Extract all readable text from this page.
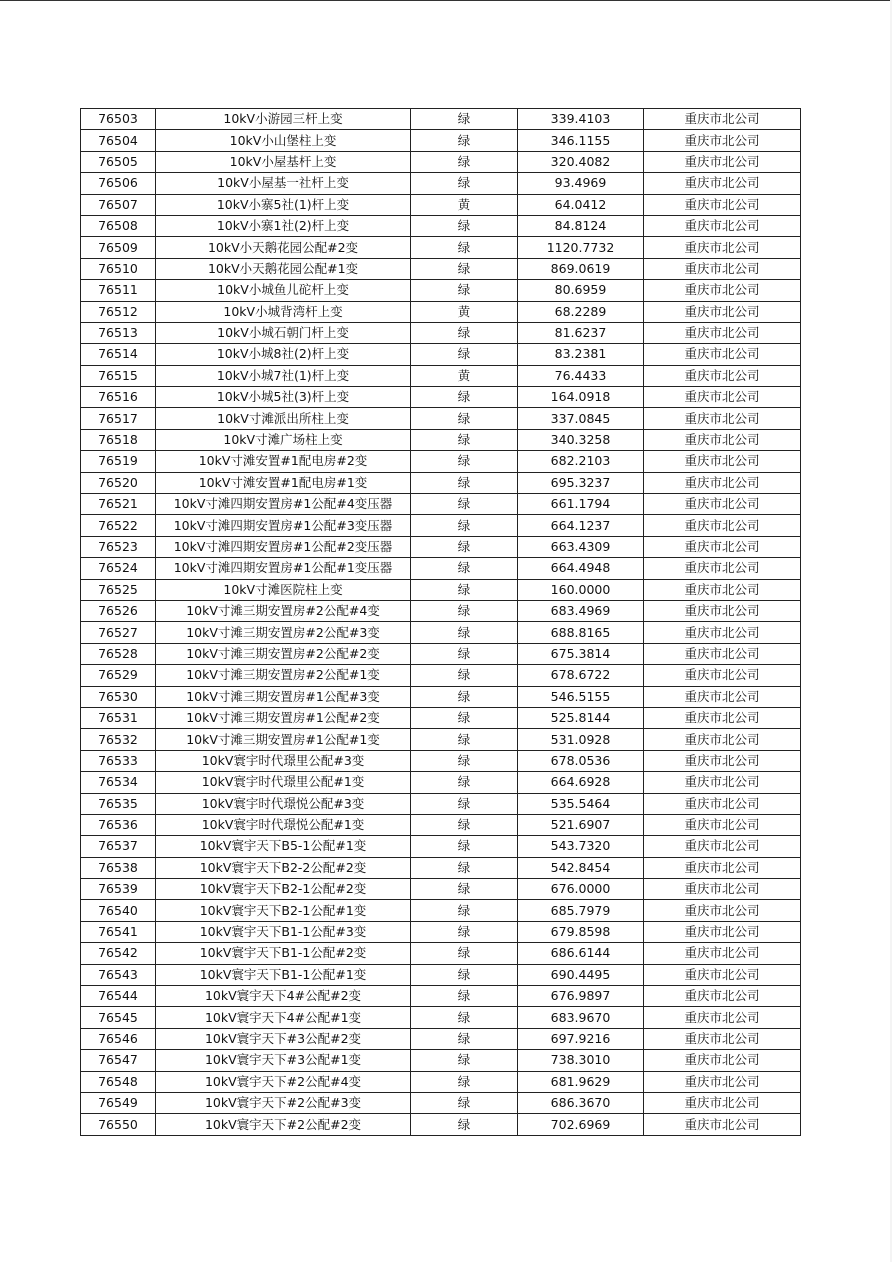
76503	10kV小游园三杆上变	绿	339.4103	重庆市北公司
76504	10kV小山堡柱上变	绿	346.1155	重庆市北公司
76505	10kV小屋基杆上变	绿	320.4082	重庆市北公司
76506	10kV小屋基一社杆上变	绿	93.4969	重庆市北公司
76507	10kV小寨5社(1)杆上变	黄	64.0412	重庆市北公司
76508	10kV小寨1社(2)杆上变	绿	84.8124	重庆市北公司
76509	10kV小天鹅花园公配#2变	绿	1120.7732	重庆市北公司
76510	10kV小天鹅花园公配#1变	绿	869.0619	重庆市北公司
76511	10kV小城鱼儿砣杆上变	绿	80.6959	重庆市北公司
76512	10kV小城背湾杆上变	黄	68.2289	重庆市北公司
76513	10kV小城石朝门杆上变	绿	81.6237	重庆市北公司
76514	10kV小城8社(2)杆上变	绿	83.2381	重庆市北公司
76515	10kV小城7社(1)杆上变	黄	76.4433	重庆市北公司
76516	10kV小城5社(3)杆上变	绿	164.0918	重庆市北公司
76517	10kV寸滩派出所柱上变	绿	337.0845	重庆市北公司
76518	10kV寸滩广场柱上变	绿	340.3258	重庆市北公司
76519	10kV寸滩安置#1配电房#2变	绿	682.2103	重庆市北公司
76520	10kV寸滩安置#1配电房#1变	绿	695.3237	重庆市北公司
76521	10kV寸滩四期安置房#1公配#4变压器	绿	661.1794	重庆市北公司
76522	10kV寸滩四期安置房#1公配#3变压器	绿	664.1237	重庆市北公司
76523	10kV寸滩四期安置房#1公配#2变压器	绿	663.4309	重庆市北公司
76524	10kV寸滩四期安置房#1公配#1变压器	绿	664.4948	重庆市北公司
76525	10kV寸滩医院柱上变	绿	160.0000	重庆市北公司
76526	10kV寸滩三期安置房#2公配#4变	绿	683.4969	重庆市北公司
76527	10kV寸滩三期安置房#2公配#3变	绿	688.8165	重庆市北公司
76528	10kV寸滩三期安置房#2公配#2变	绿	675.3814	重庆市北公司
76529	10kV寸滩三期安置房#2公配#1变	绿	678.6722	重庆市北公司
76530	10kV寸滩三期安置房#1公配#3变	绿	546.5155	重庆市北公司
76531	10kV寸滩三期安置房#1公配#2变	绿	525.8144	重庆市北公司
76532	10kV寸滩三期安置房#1公配#1变	绿	531.0928	重庆市北公司
76533	10kV寰宇时代璟里公配#3变	绿	678.0536	重庆市北公司
76534	10kV寰宇时代璟里公配#1变	绿	664.6928	重庆市北公司
76535	10kV寰宇时代璟悦公配#3变	绿	535.5464	重庆市北公司
76536	10kV寰宇时代璟悦公配#1变	绿	521.6907	重庆市北公司
76537	10kV寰宇天下B5-1公配#1变	绿	543.7320	重庆市北公司
76538	10kV寰宇天下B2-2公配#2变	绿	542.8454	重庆市北公司
76539	10kV寰宇天下B2-1公配#2变	绿	676.0000	重庆市北公司
76540	10kV寰宇天下B2-1公配#1变	绿	685.7979	重庆市北公司
76541	10kV寰宇天下B1-1公配#3变	绿	679.8598	重庆市北公司
76542	10kV寰宇天下B1-1公配#2变	绿	686.6144	重庆市北公司
76543	10kV寰宇天下B1-1公配#1变	绿	690.4495	重庆市北公司
76544	10kV寰宇天下4#公配#2变	绿	676.9897	重庆市北公司
76545	10kV寰宇天下4#公配#1变	绿	683.9670	重庆市北公司
76546	10kV寰宇天下#3公配#2变	绿	697.9216	重庆市北公司
76547	10kV寰宇天下#3公配#1变	绿	738.3010	重庆市北公司
76548	10kV寰宇天下#2公配#4变	绿	681.9629	重庆市北公司
76549	10kV寰宇天下#2公配#3变	绿	686.3670	重庆市北公司
76550	10kV寰宇天下#2公配#2变	绿	702.6969	重庆市北公司
